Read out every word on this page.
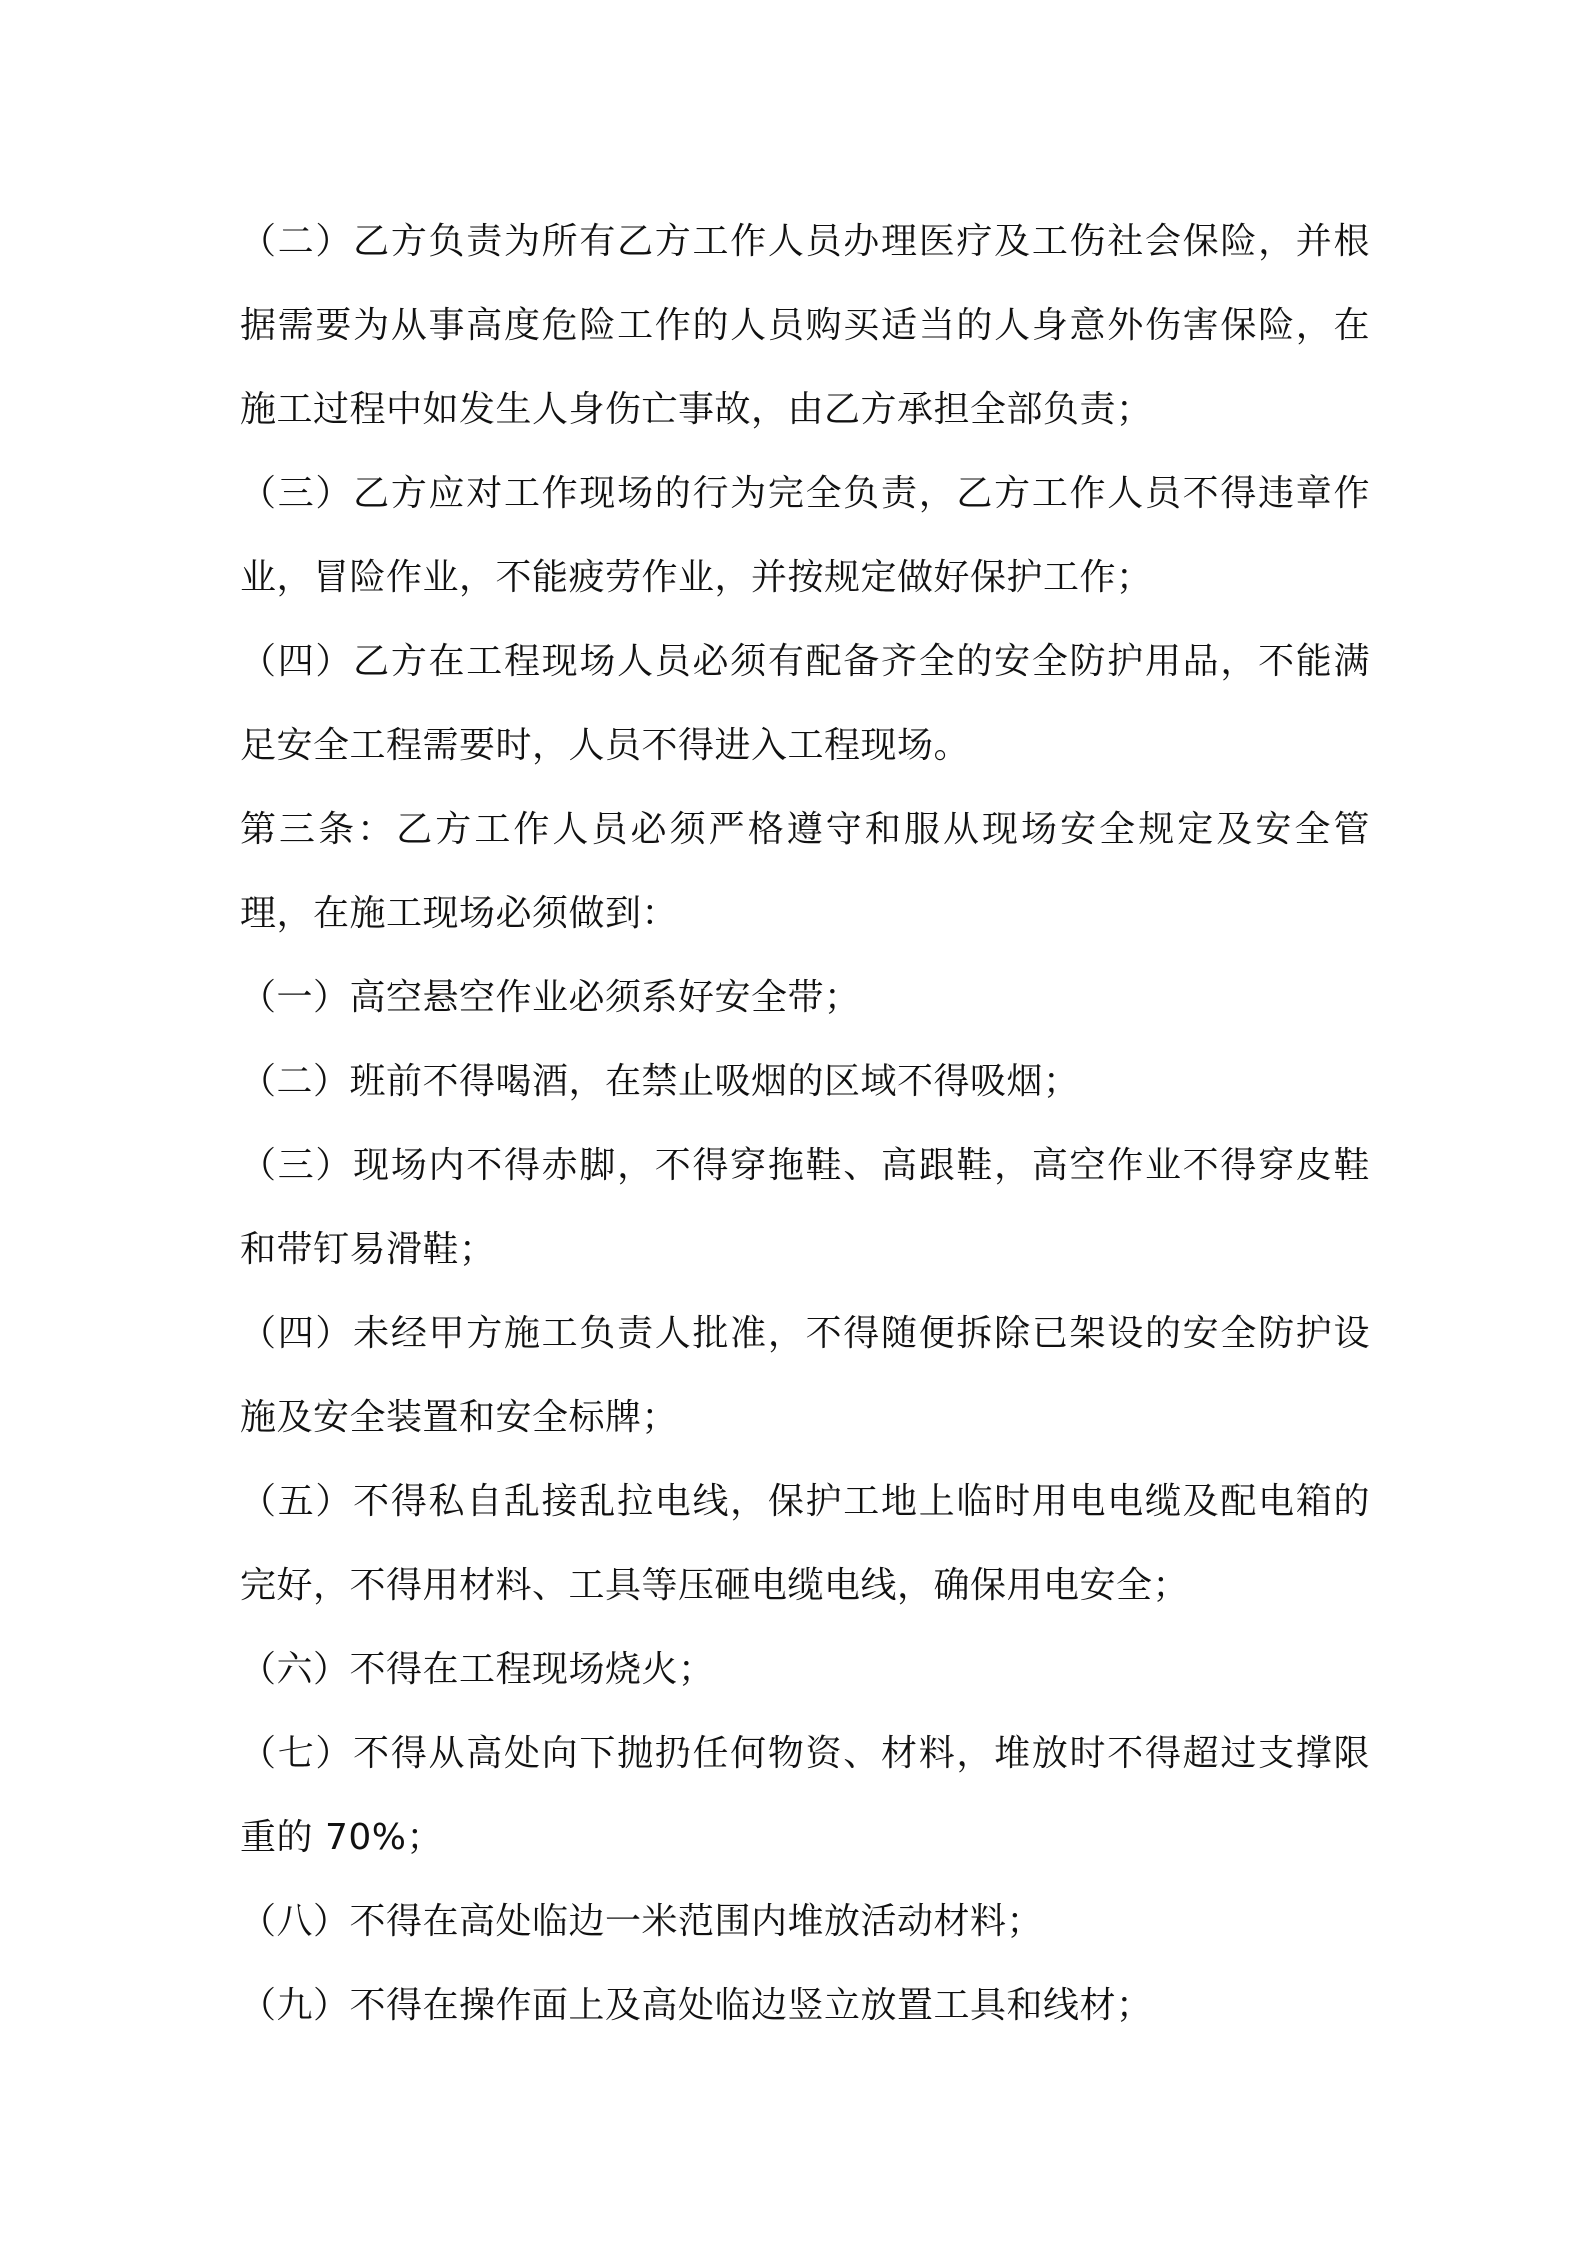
（二）乙方负责为所有乙方工作人员办理医疗及工伤社会保险，并根据需要为从事高度危险工作的人员购买适当的人身意外伤害保险，在施工过程中如发生人身伤亡事故，由乙方承担全部负责；

（三）乙方应对工作现场的行为完全负责，乙方工作人员不得违章作业，冒险作业，不能疲劳作业，并按规定做好保护工作；

（四）乙方在工程现场人员必须有配备齐全的安全防护用品，不能满足安全工程需要时，人员不得进入工程现场。

第三条：乙方工作人员必须严格遵守和服从现场安全规定及安全管理，在施工现场必须做到：

（一）高空悬空作业必须系好安全带；

（二）班前不得喝酒，在禁止吸烟的区域不得吸烟；

（三）现场内不得赤脚，不得穿拖鞋、高跟鞋，高空作业不得穿皮鞋和带钉易滑鞋；

（四）未经甲方施工负责人批准，不得随便拆除已架设的安全防护设施及安全装置和安全标牌；

（五）不得私自乱接乱拉电线，保护工地上临时用电电缆及配电箱的完好，不得用材料、工具等压砸电缆电线，确保用电安全；

（六）不得在工程现场烧火；

（七）不得从高处向下抛扔任何物资、材料，堆放时不得超过支撑限重的 70%；

（八）不得在高处临边一米范围内堆放活动材料；

（九）不得在操作面上及高处临边竖立放置工具和线材；
